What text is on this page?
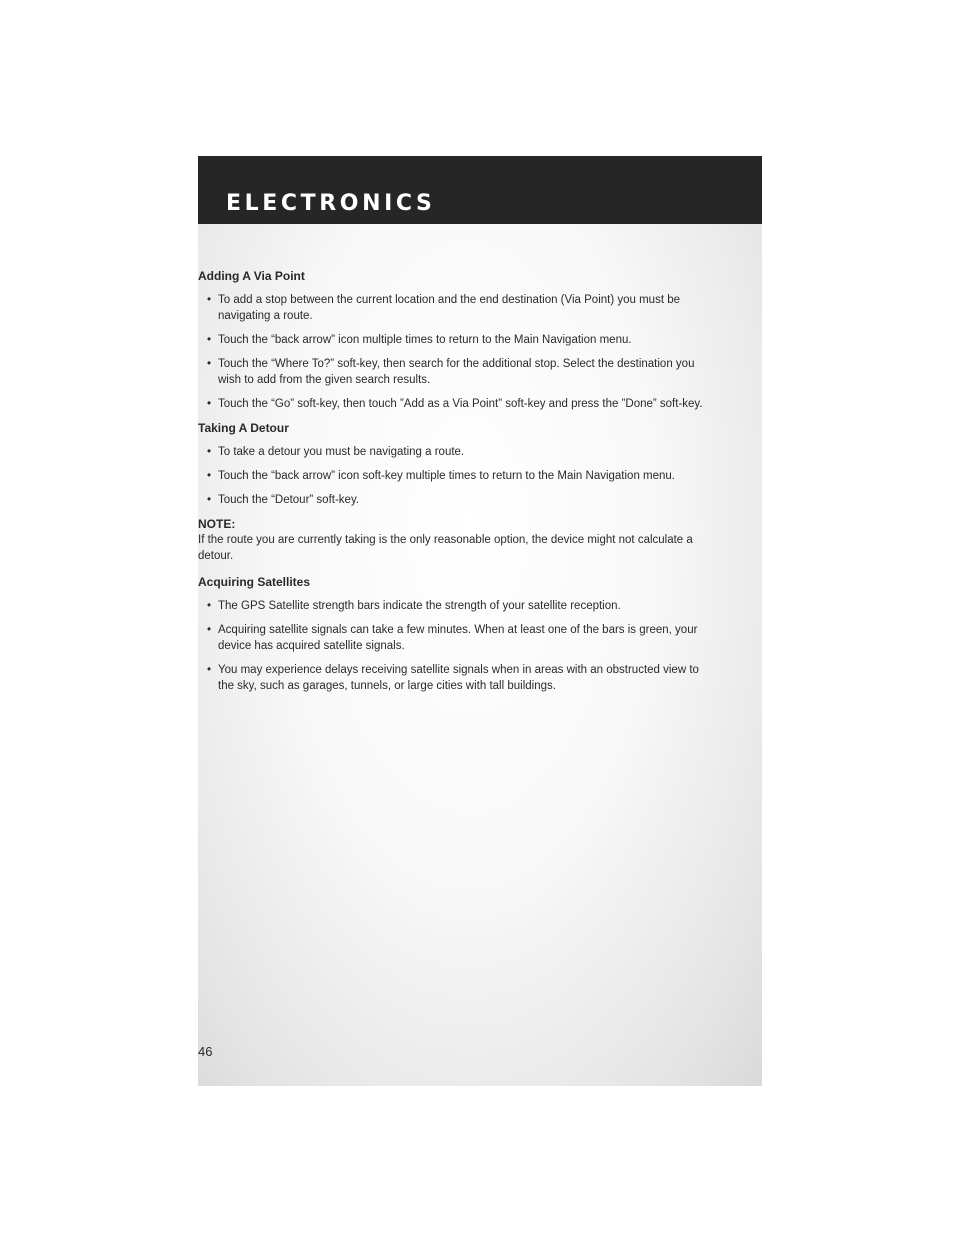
ELECTRONICS
Adding A Via Point
• To add a stop between the current location and the end destination (Via Point) you must be navigating a route.
• Touch the “back arrow” icon multiple times to return to the Main Navigation menu.
• Touch the “Where To?” soft-key, then search for the additional stop. Select the destination you wish to add from the given search results.
• Touch the “Go” soft-key, then touch ”Add as a Via Point” soft-key and press the ”Done” soft-key.
Taking A Detour
• To take a detour you must be navigating a route.
• Touch the “back arrow” icon soft-key multiple times to return to the Main Navigation menu.
• Touch the “Detour” soft-key.

NOTE:

If the route you are currently taking is the only reasonable option, the device might not calculate a detour.

Acquiring Satellites
• The GPS Satellite strength bars indicate the strength of your satellite reception.
• Acquiring satellite signals can take a few minutes. When at least one of the bars is green, your device has acquired satellite signals.
• You may experience delays receiving satellite signals when in areas with an obstructed view to the sky, such as garages, tunnels, or large cities with tall buildings.
46
